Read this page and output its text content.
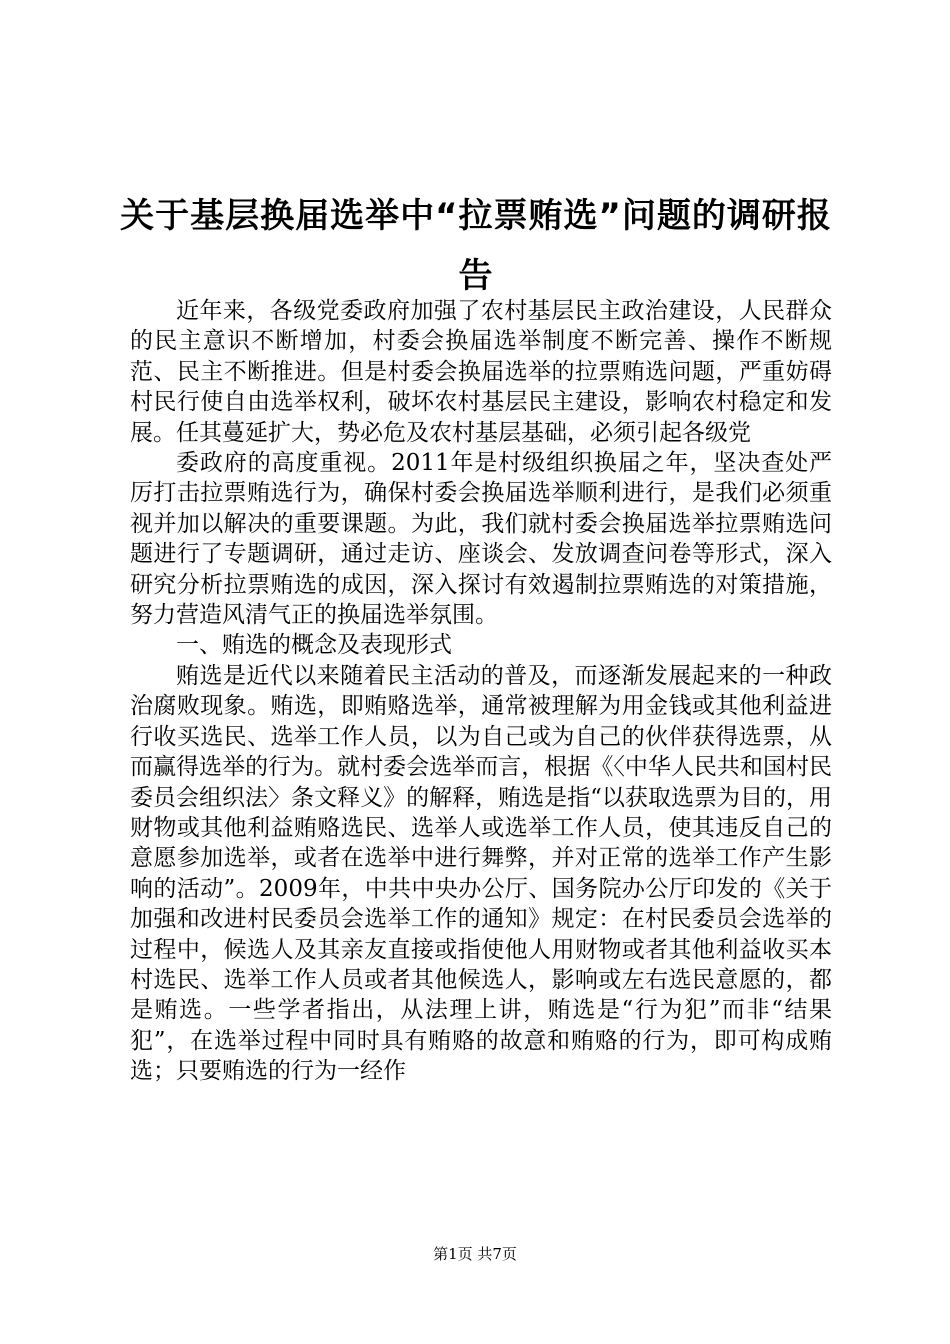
关于基层换届选举中“拉票贿选”问题的调研报告

近年来，各级党委政府加强了农村基层民主政治建设，人民群众的民主意识不断增加，村委会换届选举制度不断完善、操作不断规范、民主不断推进。但是村委会换届选举的拉票贿选问题，严重妨碍村民行使自由选举权利，破坏农村基层民主建设，影响农村稳定和发展。任其蔓延扩大，势必危及农村基层基础，必须引起各级党

委政府的高度重视。2011年是村级组织换届之年，坚决查处严厉打击拉票贿选行为，确保村委会换届选举顺利进行，是我们必须重视并加以解决的重要课题。为此，我们就村委会换届选举拉票贿选问题进行了专题调研，通过走访、座谈会、发放调查问卷等形式，深入研究分析拉票贿选的成因，深入探讨有效遏制拉票贿选的对策措施，努力营造风清气正的换届选举氛围。

一、贿选的概念及表现形式

贿选是近代以来随着民主活动的普及，而逐渐发展起来的一种政治腐败现象。贿选，即贿赂选举，通常被理解为用金钱或其他利益进行收买选民、选举工作人员，以为自己或为自己的伙伴获得选票，从而赢得选举的行为。就村委会选举而言，根据《〈中华人民共和国村民委员会组织法〉条文释义》的解释，贿选是指“以获取选票为目的，用财物或其他利益贿赂选民、选举人或选举工作人员，使其违反自己的意愿参加选举，或者在选举中进行舞弊，并对正常的选举工作产生影响的活动”。2009年，中共中央办公厅、国务院办公厅印发的《关于加强和改进村民委员会选举工作的通知》规定：在村民委员会选举的过程中，候选人及其亲友直接或指使他人用财物或者其他利益收买本村选民、选举工作人员或者其他候选人，影响或左右选民意愿的，都是贿选。一些学者指出，从法理上讲，贿选是“行为犯”而非“结果犯”，在选举过程中同时具有贿赂的故意和贿赂的行为，即可构成贿选；只要贿选的行为一经作

第1页 共7页
